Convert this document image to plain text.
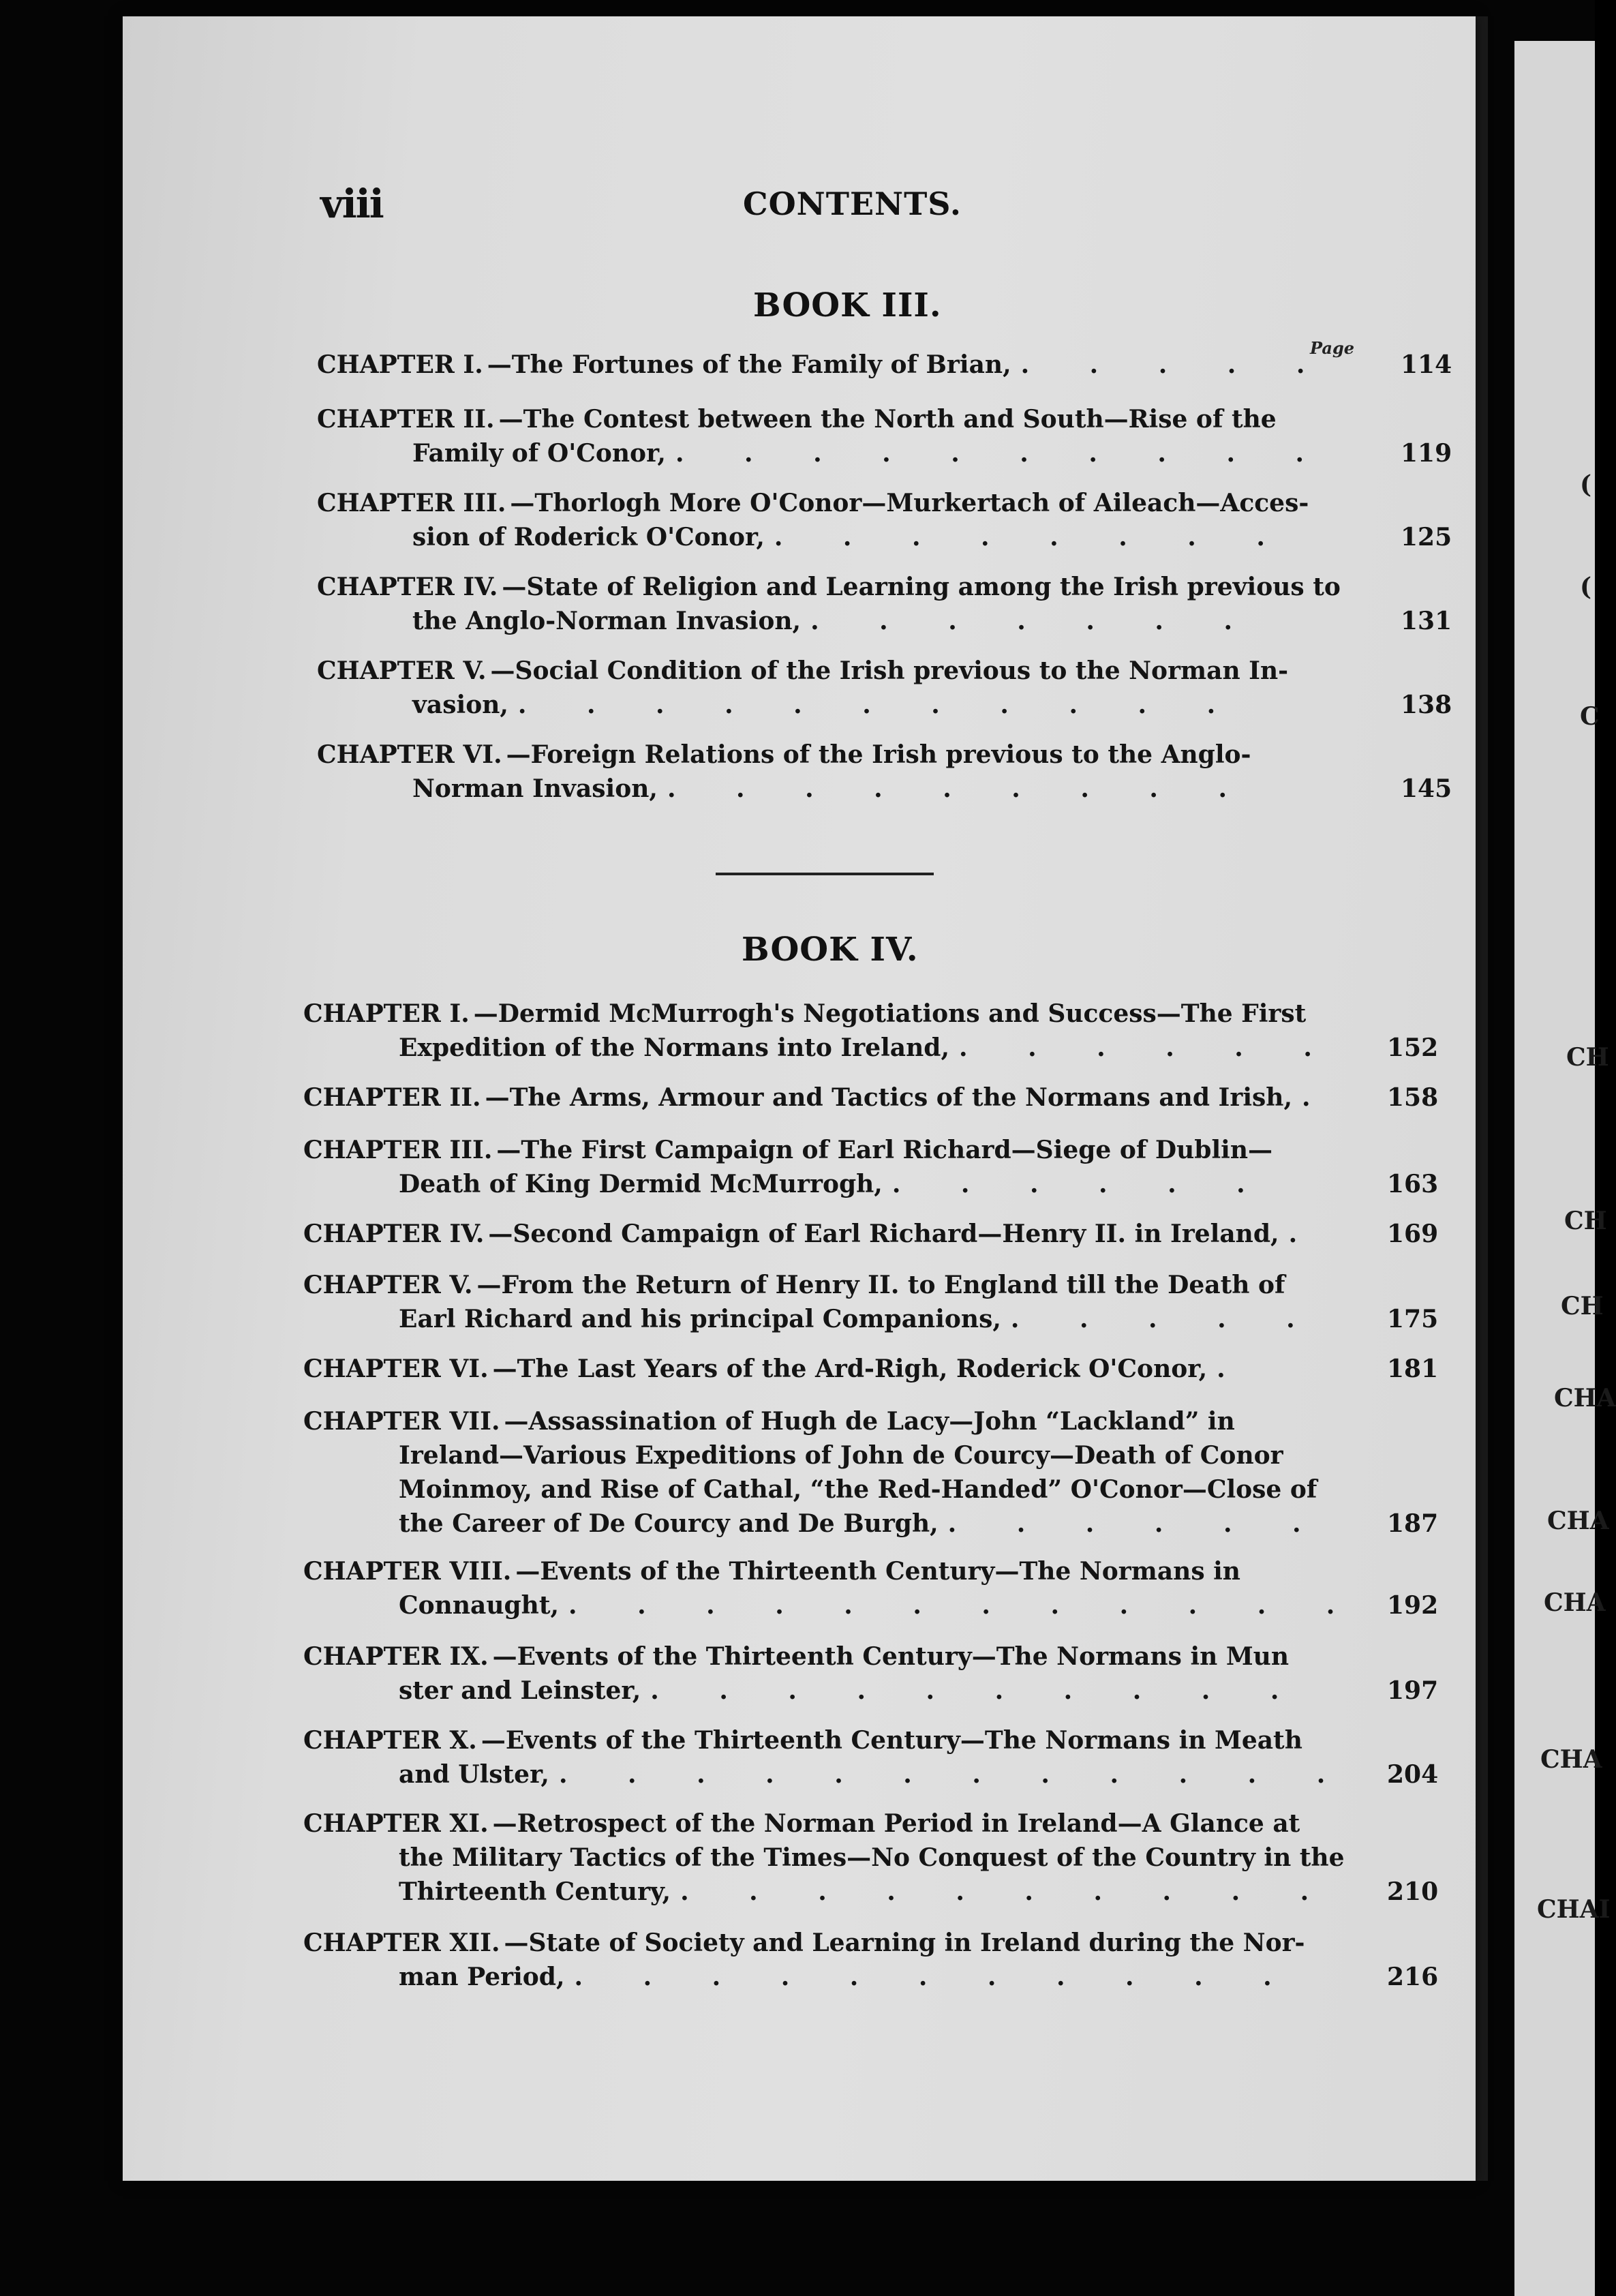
viii	CONTENTS.
BOOK III.
Page
CHAPTER I. —The Fortunes of the Family of Brian, . . . . .	114
CHAPTER II. —The Contest between the North and South—Rise of the
Family of O'Conor, . . . . . . . . . .	119
CHAPTER III. —Thorlogh More O'Conor—Murkertach of Aileach—Acces-
sion of Roderick O'Conor, . . . . . . . .	125
CHAPTER IV. —State of Religion and Learning among the Irish previous to
the Anglo-Norman Invasion, . . . . . . .	131
CHAPTER V. —Social Condition of the Irish previous to the Norman In-
vasion, . . . . . . . . . . .	138
CHAPTER VI. —Foreign Relations of the Irish previous to the Anglo-
Norman Invasion, . . . . . . . . .	145
BOOK IV.
CHAPTER I. —Dermid McMurrogh's Negotiations and Success—The First
Expedition of the Normans into Ireland, . . . . . . 152
CHAPTER II. —The Arms, Armour and Tactics of the Normans and Irish, . 158
CHAPTER III. —The First Campaign of Earl Richard—Siege of Dublin—
Death of King Dermid McMurrogh, . . . . . .	163
CHAPTER IV. —Second Campaign of Earl Richard—Henry II. in Ireland, .	169
CHAPTER V. —From the Return of Henry II. to England till the Death of
Earl Richard and his principal Companions, . . . . .	175
CHAPTER VI. —The Last Years of the Ard-Righ, Roderick O'Conor, .	181
CHAPTER VII. —Assassination of Hugh de Lacy—John “Lackland” in
Ireland—Various Expeditions of John de Courcy—Death of Conor
Moinmoy, and Rise of Cathal, “the Red-Handed” O'Conor—Close of
the Career of De Courcy and De Burgh, . . . . . . 187
CHAPTER VIII. —Events of the Thirteenth Century—The Normans in
Connaught, . . . . . . . . . . . . 192
CHAPTER IX. —Events of the Thirteenth Century—The Normans in Mun
ster and Leinster, . . . . . . . . . .	197
CHAPTER X. —Events of the Thirteenth Century—The Normans in Meath
and Ulster, . . . . . . . . . . . . 204
CHAPTER XI. —Retrospect of the Norman Period in Ireland—A Glance at
the Military Tactics of the Times—No Conquest of the Country in the
Thirteenth Century, . . . . . . . . . . 210
CHAPTER XII. —State of Society and Learning in Ireland during the Nor-
man Period, . . . . . . . . . . .	216
(
(
C
CH
CH
CH
CHA
CHA
CHA
CHA
CHAI
